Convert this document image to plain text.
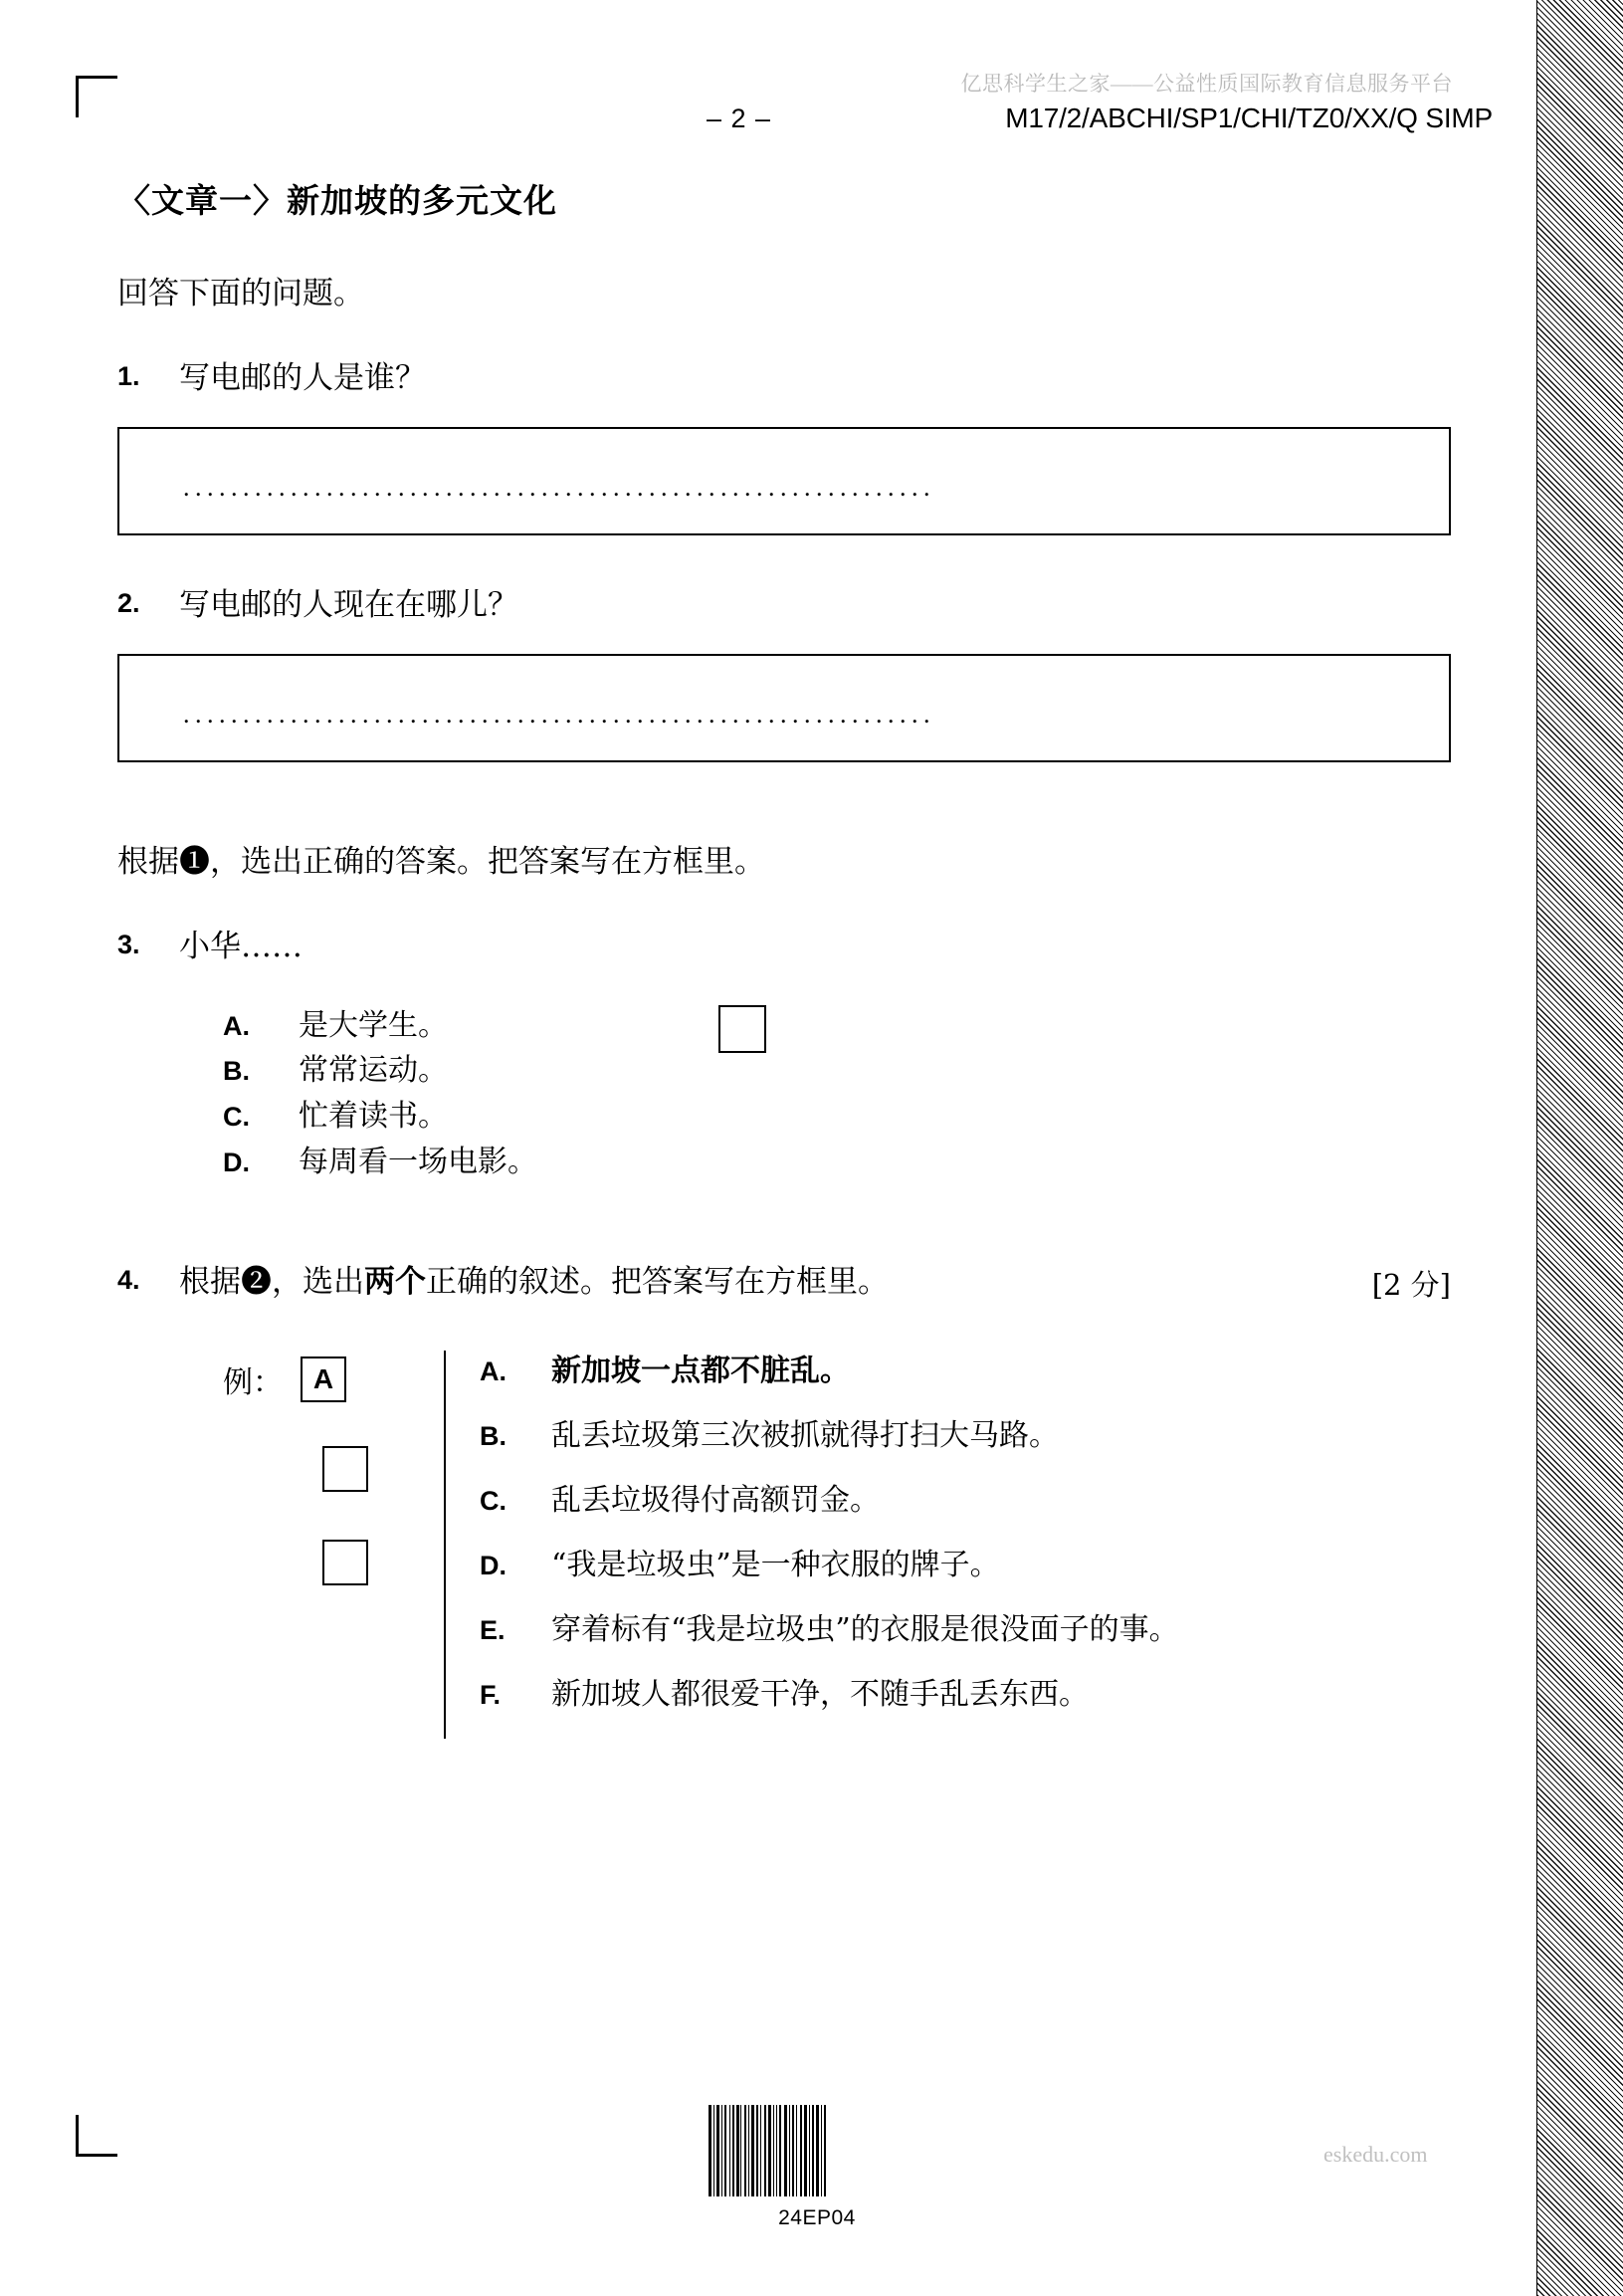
亿思科学生之家——公益性质国际教育信息服务平台
– 2 –	M17/2/ABCHI/SP1/CHI/TZ0/XX/Q SIMP
〈文章一〉新加坡的多元文化
回答下面的问题。
1.	写电邮的人是谁？
...............................................................
2.	写电邮的人现在在哪儿？
...............................................................
根据❶，选出正确的答案。把答案写在方框里。
3.	小华……
A.	是大学生。
B.	常常运动。
C.	忙着读书。
D.	每周看一场电影。
4.	根据❷，选出两个正确的叙述。把答案写在方框里。	[2 分]
例：	A	A.	新加坡一点都不脏乱。
B.	乱丢垃圾第三次被抓就得打扫大马路。
C.	乱丢垃圾得付高额罚金。
D.	“我是垃圾虫”是一种衣服的牌子。
E.	穿着标有“我是垃圾虫”的衣服是很没面子的事。
F.	新加坡人都很爱干净，不随手乱丢东西。
24EP04
eskedu.com
